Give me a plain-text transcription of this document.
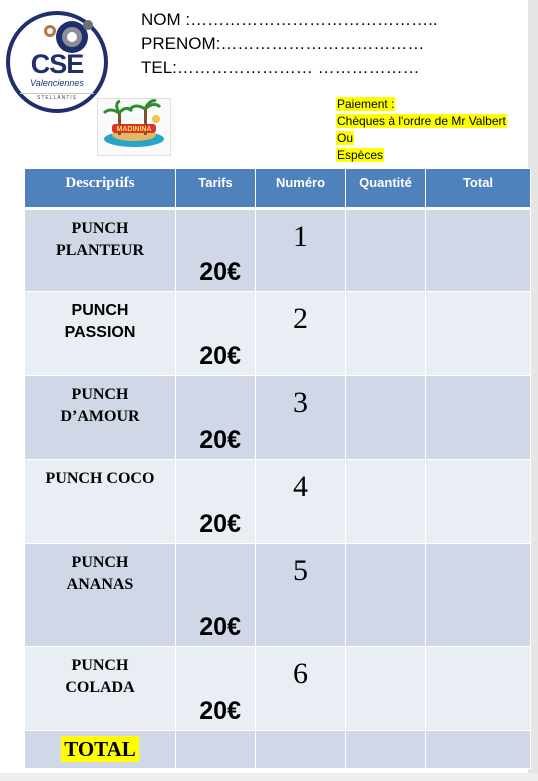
CSE
Valenciennes
STELLANTIS
NOM :……………………………………..
PRENOM:………………………………
TEL:…………………… ………………
MADININA
Paiement :
Chèques à l'ordre de Mr Valbert
Ou
Espèces
Descriptifs	Tarifs	Numéro	Quantité	Total

PUNCH PLANTEUR	20€	1		

PUNCH PASSION	20€	2		

PUNCH D’AMOUR	20€	3		
PUNCH COCO	20€	4		

PUNCH ANANAS	20€	5		

PUNCH COLADA	20€	6		
TOTAL				
